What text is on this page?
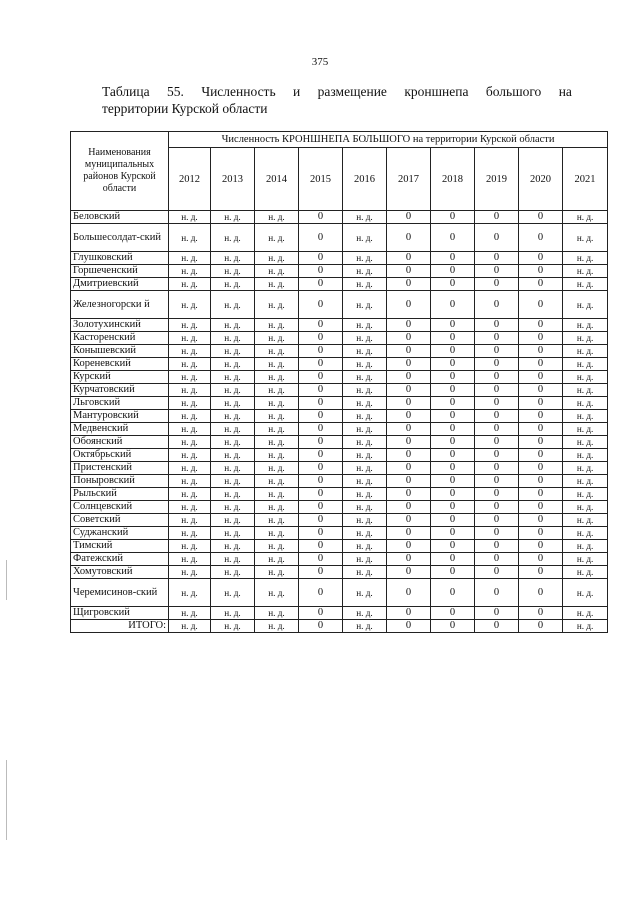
375
Таблица 55. Численность и размещение кроншнепа большого на
территории Курской области
Наименования муниципальных районов Курской области	Численность КРОНШНЕПА БОЛЬШОГО на территории Курской области									
	2012	2013	2014	2015	2016	2017	2018	2019	2020	2021
Беловский	н. д.	н. д.	н. д.	0	н. д.	0	0	0	0	н. д.
Большесолдат-ский	н. д.	н. д.	н. д.	0	н. д.	0	0	0	0	н. д.
Глушковский	н. д.	н. д.	н. д.	0	н. д.	0	0	0	0	н. д.
Горшеченский	н. д.	н. д.	н. д.	0	н. д.	0	0	0	0	н. д.
Дмитриевский	н. д.	н. д.	н. д.	0	н. д.	0	0	0	0	н. д.
Железногорски й	н. д.	н. д.	н. д.	0	н. д.	0	0	0	0	н. д.
Золотухинский	н. д.	н. д.	н. д.	0	н. д.	0	0	0	0	н. д.
Касторенский	н. д.	н. д.	н. д.	0	н. д.	0	0	0	0	н. д.
Конышевский	н. д.	н. д.	н. д.	0	н. д.	0	0	0	0	н. д.
Кореневский	н. д.	н. д.	н. д.	0	н. д.	0	0	0	0	н. д.
Курский	н. д.	н. д.	н. д.	0	н. д.	0	0	0	0	н. д.
Курчатовский	н. д.	н. д.	н. д.	0	н. д.	0	0	0	0	н. д.
Льговский	н. д.	н. д.	н. д.	0	н. д.	0	0	0	0	н. д.
Мантуровский	н. д.	н. д.	н. д.	0	н. д.	0	0	0	0	н. д.
Медвенский	н. д.	н. д.	н. д.	0	н. д.	0	0	0	0	н. д.
Обоянский	н. д.	н. д.	н. д.	0	н. д.	0	0	0	0	н. д.
Октябрьский	н. д.	н. д.	н. д.	0	н. д.	0	0	0	0	н. д.
Пристенский	н. д.	н. д.	н. д.	0	н. д.	0	0	0	0	н. д.
Поныровский	н. д.	н. д.	н. д.	0	н. д.	0	0	0	0	н. д.
Рыльский	н. д.	н. д.	н. д.	0	н. д.	0	0	0	0	н. д.
Солнцевский	н. д.	н. д.	н. д.	0	н. д.	0	0	0	0	н. д.
Советский	н. д.	н. д.	н. д.	0	н. д.	0	0	0	0	н. д.
Суджанский	н. д.	н. д.	н. д.	0	н. д.	0	0	0	0	н. д.
Тимский	н. д.	н. д.	н. д.	0	н. д.	0	0	0	0	н. д.
Фатежский	н. д.	н. д.	н. д.	0	н. д.	0	0	0	0	н. д.
Хомутовский	н. д.	н. д.	н. д.	0	н. д.	0	0	0	0	н. д.
Черемисинов-ский	н. д.	н. д.	н. д.	0	н. д.	0	0	0	0	н. д.
Щигровский	н. д.	н. д.	н. д.	0	н. д.	0	0	0	0	н. д.
ИТОГО:	н. д.	н. д.	н. д.	0	н. д.	0	0	0	0	н. д.
